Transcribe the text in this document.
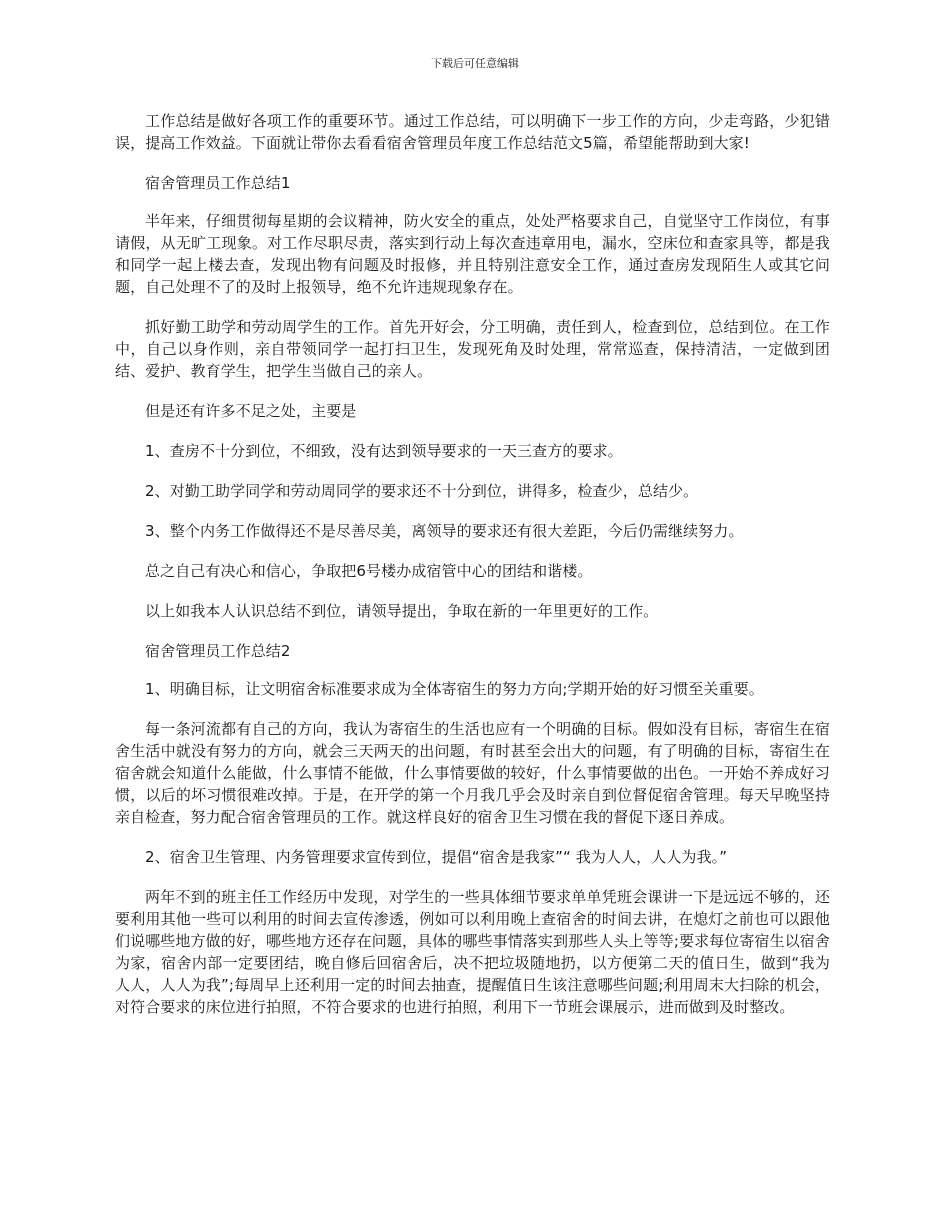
下载后可任意编辑

工作总结是做好各项工作的重要环节。通过工作总结，可以明确下一步工作的方向，少走弯路，少犯错误，提高工作效益。下面就让带你去看看宿舍管理员年度工作总结范文5篇，希望能帮助到大家!

宿舍管理员工作总结1

半年来，仔细贯彻每星期的会议精神，防火安全的重点，处处严格要求自己，自觉坚守工作岗位，有事请假，从无旷工现象。对工作尽职尽责，落实到行动上每次查违章用电，漏水，空床位和查家具等，都是我和同学一起上楼去查，发现出物有问题及时报修，并且特别注意安全工作，通过查房发现陌生人或其它问题，自己处理不了的及时上报领导，绝不允许违规现象存在。

抓好勤工助学和劳动周学生的工作。首先开好会，分工明确，责任到人，检查到位，总结到位。在工作中，自己以身作则，亲自带领同学一起打扫卫生，发现死角及时处理，常常巡查，保持清洁，一定做到团结、爱护、教育学生，把学生当做自己的亲人。

但是还有许多不足之处，主要是

1、查房不十分到位，不细致，没有达到领导要求的一天三查方的要求。

2、对勤工助学同学和劳动周同学的要求还不十分到位，讲得多，检查少，总结少。

3、整个内务工作做得还不是尽善尽美，离领导的要求还有很大差距，今后仍需继续努力。

总之自己有决心和信心，争取把6号楼办成宿管中心的团结和谐楼。

以上如我本人认识总结不到位，请领导提出，争取在新的一年里更好的工作。

宿舍管理员工作总结2

1、明确目标，让文明宿舍标准要求成为全体寄宿生的努力方向;学期开始的好习惯至关重要。

每一条河流都有自己的方向，我认为寄宿生的生活也应有一个明确的目标。假如没有目标，寄宿生在宿舍生活中就没有努力的方向，就会三天两天的出问题，有时甚至会出大的问题，有了明确的目标，寄宿生在宿舍就会知道什么能做，什么事情不能做，什么事情要做的较好，什么事情要做的出色。一开始不养成好习惯，以后的坏习惯很难改掉。于是，在开学的第一个月我几乎会及时亲自到位督促宿舍管理。每天早晚坚持亲自检查，努力配合宿舍管理员的工作。就这样良好的宿舍卫生习惯在我的督促下逐日养成。

2、宿舍卫生管理、内务管理要求宣传到位，提倡“宿舍是我家”“ 我为人人，人人为我。”

两年不到的班主任工作经历中发现，对学生的一些具体细节要求单单凭班会课讲一下是远远不够的，还要利用其他一些可以利用的时间去宣传渗透，例如可以利用晚上查宿舍的时间去讲，在熄灯之前也可以跟他们说哪些地方做的好，哪些地方还存在问题，具体的哪些事情落实到那些人头上等等;要求每位寄宿生以宿舍为家，宿舍内部一定要团结，晚自修后回宿舍后，决不把垃圾随地扔，以方便第二天的值日生，做到“我为人人，人人为我”;每周早上还利用一定的时间去抽查，提醒值日生该注意哪些问题;利用周末大扫除的机会，对符合要求的床位进行拍照，不符合要求的也进行拍照，利用下一节班会课展示，进而做到及时整改。
